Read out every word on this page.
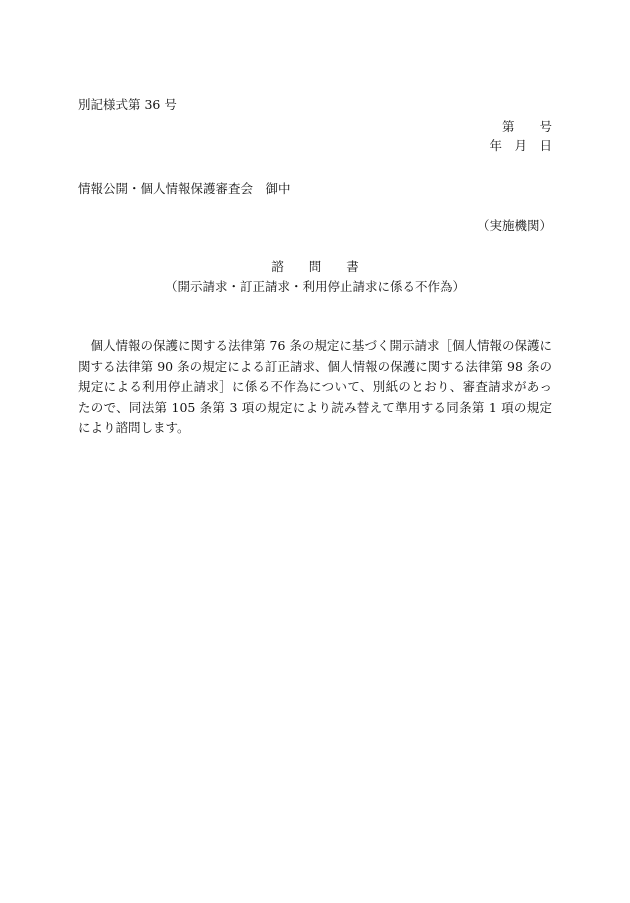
別記様式第 36 号
第　　号
年　月　日
情報公開・個人情報保護審査会　御中
（実施機関）
諮　　問　　書
（開示請求・訂正請求・利用停止請求に係る不作為）
個人情報の保護に関する法律第 76 条の規定に基づく開示請求［個人情報の保護に関する法律第 90 条の規定による訂正請求、個人情報の保護に関する法律第 98 条の規定による利用停止請求］に係る不作為について、別紙のとおり、審査請求があったので、同法第 105 条第 3 項の規定により読み替えて準用する同条第 1 項の規定により諮問します。
